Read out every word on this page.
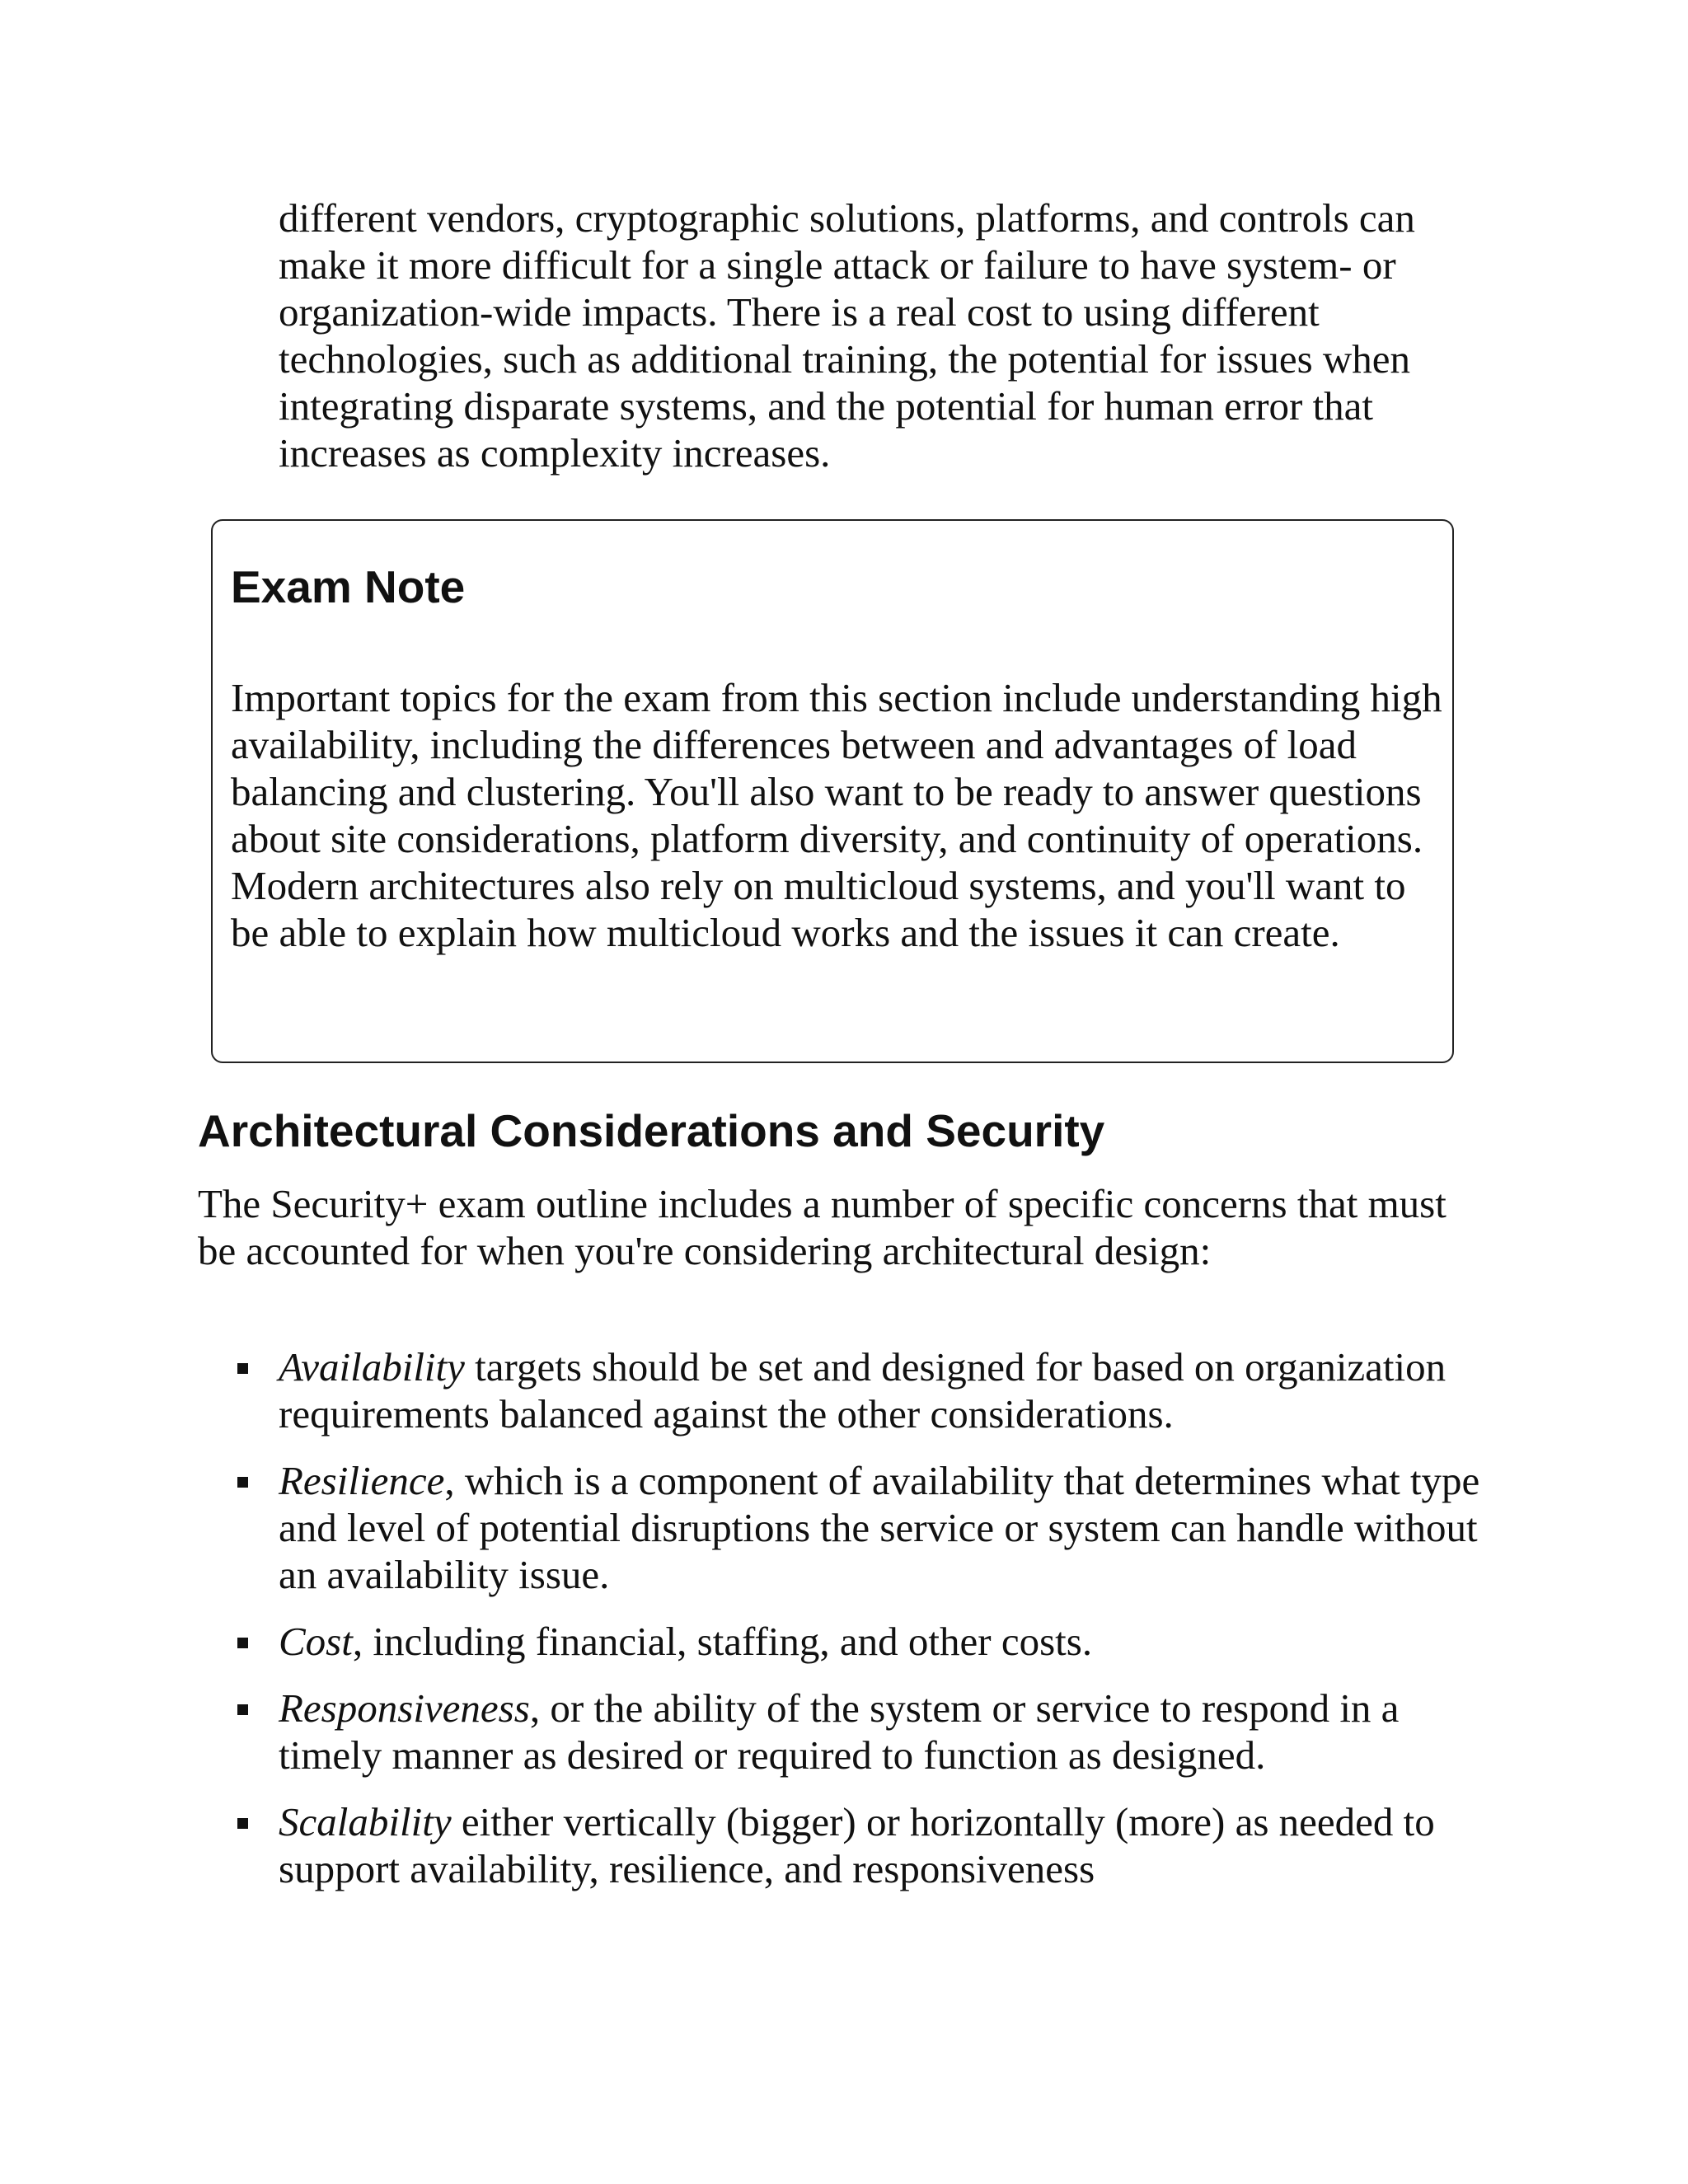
different vendors, cryptographic solutions, platforms, and controls can make it more difficult for a single attack or failure to have system- or organization-wide impacts. There is a real cost to using different technologies, such as additional training, the potential for issues when integrating disparate systems, and the potential for human error that increases as complexity increases.

Exam Note

Important topics for the exam from this section include understanding high availability, including the differences between and advantages of load balancing and clustering. You'll also want to be ready to answer questions about site considerations, platform diversity, and continuity of operations. Modern architectures also rely on multicloud systems, and you'll want to be able to explain how multicloud works and the issues it can create.

Architectural Considerations and Security

The Security+ exam outline includes a number of specific concerns that must be accounted for when you're considering architectural design:

Availability targets should be set and designed for based on organization requirements balanced against the other considerations.
Resilience, which is a component of availability that determines what type and level of potential disruptions the service or system can handle without an availability issue.
Cost, including financial, staffing, and other costs.
Responsiveness, or the ability of the system or service to respond in a timely manner as desired or required to function as designed.
Scalability either vertically (bigger) or horizontally (more) as needed to support availability, resilience, and responsiveness
